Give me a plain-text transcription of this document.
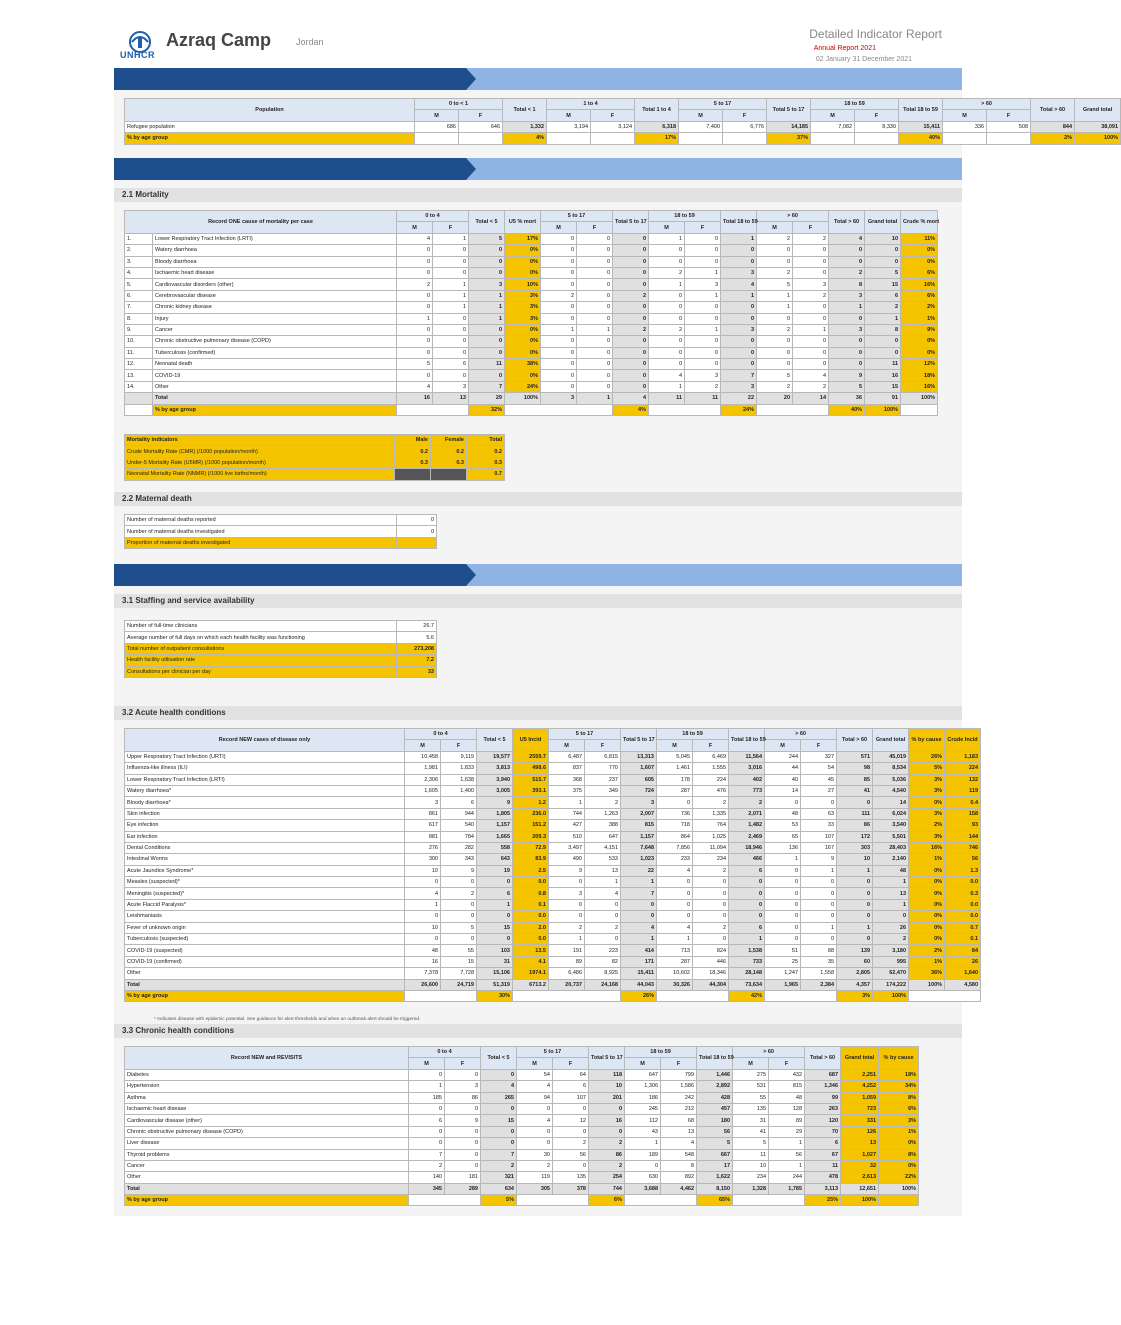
UNHCR
Azraq Camp	Jordan
Detailed Indicator Report
Annual Report 2021
02 January 31 December 2021
Population	0 to < 1		Total < 1	1 to 4		Total 1 to 4	5 to 17		Total 5 to 17	18 to 59		Total 18 to 59	> 60		Total > 60	Grand total
	M	F		M	F		M	F		M	F		M	F		
Refugee population	686	646	1,332	3,194	3,124	6,318	7,400	6,776	14,185	7,082	8,330	15,411	336	508	844	38,091
% by age group			4%			17%			37%			40%			2%	100%
2.1 Mortality
Record ONE cause of mortality per case		0 to 4		Total < 5	U5 % mort	5 to 17		Total 5 to 17	18 to 59		Total 18 to 59	> 60		Total > 60	Grand total	Crude % mort
		M	F			M	F		M	F		M	F			
1.	Lower Respiratory Tract Infection (LRTI)	4	1	5	17%	0	0	0	1	0	1	2	2	4	10	11%
2.	Watery diarrhoea	0	0	0	0%	0	0	0	0	0	0	0	0	0	0	0%
3.	Bloody diarrhoea	0	0	0	0%	0	0	0	0	0	0	0	0	0	0	0%
4.	Ischaemic heart disease	0	0	0	0%	0	0	0	2	1	3	2	0	2	5	6%
5.	Cardiovascular disorders (other)	2	1	3	10%	0	0	0	1	3	4	5	3	8	15	16%
6.	Cerebrovascular disease	0	1	1	3%	2	0	2	0	1	1	1	2	3	6	6%
7.	Chronic kidney disease	0	1	1	3%	0	0	0	0	0	0	1	0	1	2	2%
8.	Injury	1	0	1	3%	0	0	0	0	0	0	0	0	0	1	1%
9.	Cancer	0	0	0	0%	1	1	2	2	1	3	2	1	3	8	9%
10.	Chronic obstructive pulmonary disease (COPD)	0	0	0	0%	0	0	0	0	0	0	0	0	0	0	0%
11.	Tuberculosis (confirmed)	0	0	0	0%	0	0	0	0	0	0	0	0	0	0	0%
12.	Neonatal death	5	6	11	38%	0	0	0	0	0	0	0	0	0	11	12%
13.	COVID-19	0	0	0	0%	0	0	0	4	3	7	5	4	9	16	18%
14.	Other	4	3	7	24%	0	0	0	1	2	3	2	2	5	15	16%
	Total	16	13	29	100%	3	1	4	11	11	22	20	14	36	91	100%
	% by age group			32%				4%			24%			40%	100%	
Mortality indicators	Male	Female	Total
Crude Mortality Rate (CMR) (/1000 population/month)	0.2	0.2	0.2
Under-5 Mortality Rate (U5MR) (/1000 population/month)	0.3	0.3	0.3
Neonatal Mortality Rate (NNMR) (/1000 live births/month)			0.7
2.2 Maternal death
Number of maternal deaths reported	0
Number of maternal deaths investigated	0
Proportion of maternal deaths investigated	
3.1 Staffing and service availability
Number of full-time clinicians	26.7
Average number of full days on which each health facility was functioning	5.6
Total number of outpatient consultations	273,208
Health facility utilisation rate	7.2
Consultations per clinician per day	33
3.2 Acute health conditions
Record NEW cases of disease only	0 to 4		Total < 5	U5 Incid	5 to 17		Total 5 to 17	18 to 59		Total 18 to 59	> 60		Total > 60	Grand total	% by cause	Crude Incid
	M	F			M	F		M	F		M	F				
Upper Respiratory Tract Infection (URTI)	10,458	9,119	19,577	2559.7	6,487	6,815	13,313	5,045	6,469	11,564	244	327	571	45,019	26%	1,183
Influenza-like illness (ILI)	1,981	1,833	3,813	498.6	837	770	1,607	1,461	1,555	3,016	44	54	98	8,534	5%	224
Lower Respiratory Tract Infection (LRTI)	2,306	1,638	3,940	515.7	368	237	605	178	224	402	40	45	85	5,036	3%	132
Watery diarrhoea*	1,605	1,400	3,005	393.1	375	349	724	287	476	773	14	27	41	4,540	3%	119
Bloody diarrhoea*	3	6	9	1.2	1	2	3	0	2	2	0	0	0	14	0%	0.4
Skin infection	861	944	1,805	236.0	744	1,263	2,007	736	1,335	2,071	48	63	111	6,024	3%	158
Eye infection	617	540	1,157	151.2	427	388	815	718	764	1,482	53	33	86	3,540	2%	93
Ear infection	881	784	1,665	209.3	510	647	1,157	864	1,025	2,469	65	107	172	5,501	3%	144
Dental Conditions	276	282	558	72.9	3,497	4,151	7,648	7,856	11,094	18,946	136	167	303	28,403	16%	746
Intestinal Worms	300	343	643	83.9	490	533	1,023	233	234	466	1	9	10	2,140	1%	56
Acute Jaundice Syndrome*	10	9	19	2.5	9	13	22	4	2	6	0	1	1	48	0%	1.3
Measles (suspected)*	0	0	0	0.0	0	1	1	0	0	0	0	0	0	1	0%	0.0
Meningitis (suspected)*	4	2	6	0.8	3	4	7	0	0	0	0	0	0	13	0%	0.3
Acute Flaccid Paralysis*	1	0	1	0.1	0	0	0	0	0	0	0	0	0	1	0%	0.0
Leishmaniasis	0	0	0	0.0	0	0	0	0	0	0	0	0	0	0	0%	0.0
Fever of unknown origin	10	5	15	2.0	2	2	4	4	2	6	0	1	1	26	0%	0.7
Tuberculosis (suspected)	0	0	0	0.0	1	0	1	1	0	1	0	0	0	2	0%	0.1
COVID-19 (suspected)	48	55	103	13.5	191	223	414	713	824	1,538	51	88	139	3,180	2%	84
COVID-19 (confirmed)	16	15	31	4.1	89	82	171	287	446	733	25	35	60	995	1%	26
Other	7,378	7,728	15,106	1974.1	6,486	8,925	15,411	10,602	18,346	28,148	1,247	1,558	2,805	62,470	36%	1,640
Total	26,600	24,719	51,319	6713.2	20,737	24,168	44,043	30,326	44,304	73,634	1,965	2,384	4,357	174,222	100%	4,580
% by age group			30%				26%			42%			3%	100%		
* Indicates disease with epidemic potential. See guidance for alert thresholds and when an outbreak alert should be triggered.
3.3 Chronic health conditions
Record NEW and REVISITS	0 to 4		Total < 5	5 to 17		Total 5 to 17	18 to 59		Total 18 to 59	> 60		Total > 60	Grand total	% by cause
	M	F		M	F		M	F		M	F			
Diabetes	0	0	0	54	64	118	647	799	1,446	275	432	687	2,251	18%
Hypertension	1	3	4	4	6	10	1,306	1,586	2,892	531	815	1,346	4,252	34%
Asthma	185	86	265	94	107	201	186	242	428	55	48	99	1,059	8%
Ischaemic heart disease	0	0	0	0	0	0	245	212	457	135	128	263	723	6%
Cardiovascular disease (other)	6	9	15	4	12	16	112	68	180	31	89	120	331	3%
Chronic obstructive pulmonary disease (COPD)	0	0	0	0	0	0	43	13	56	41	29	70	126	1%
Liver disease	0	0	0	0	2	2	1	4	5	5	1	6	13	0%
Thyroid problems	7	0	7	30	56	86	189	548	667	11	56	67	1,027	8%
Cancer	2	0	2	2	0	2	0	8	17	10	1	11	32	0%
Other	140	181	321	119	135	254	630	892	1,622	234	244	478	2,613	22%
Total	345	289	634	305	378	744	3,688	4,462	8,150	1,328	1,785	3,113	12,651	100%
% by age group			5%			6%			65%			25%	100%	
